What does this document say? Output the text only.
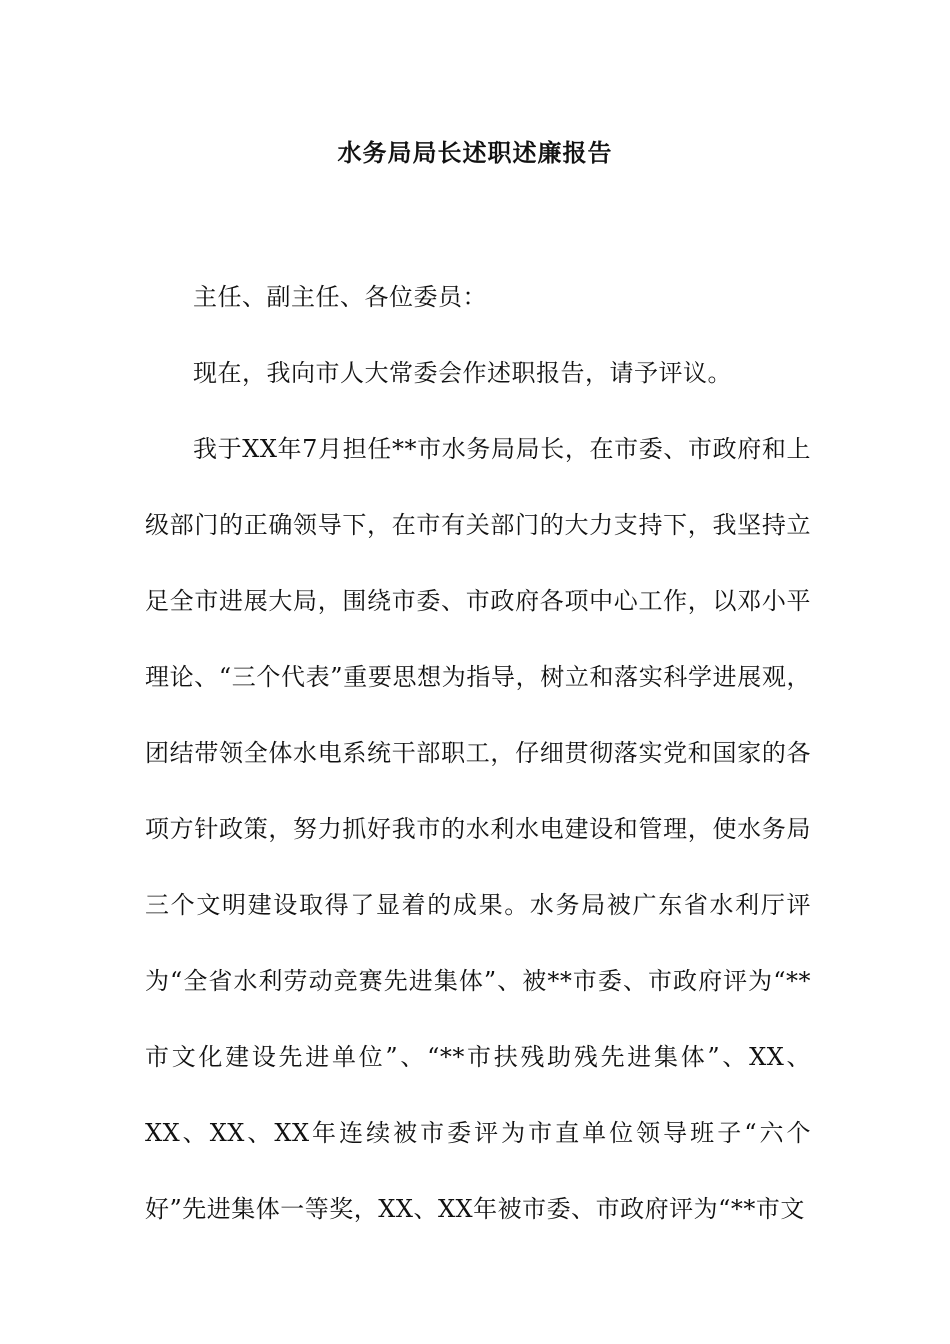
水务局局长述职述廉报告

主任、副主任、各位委员：

现在，我向市人大常委会作述职报告，请予评议。

我于XX年7月担任**市水务局局长，在市委、市政府和上级部门的正确领导下，在市有关部门的大力支持下，我坚持立足全市进展大局，围绕市委、市政府各项中心工作，以邓小平理论、“三个代表”重要思想为指导，树立和落实科学进展观，团结带领全体水电系统干部职工，仔细贯彻落实党和国家的各项方针政策，努力抓好我市的水利水电建设和管理，使水务局三个文明建设取得了显着的成果。水务局被广东省水利厅评为“全省水利劳动竞赛先进集体”、被**市委、市政府评为“**市文化建设先进单位”、“**市扶残助残先进集体”、XX、XX、XX、XX年连续被市委评为市直单位领导班子“六个好”先进集体一等奖，XX、XX年被市委、市政府评为“**市文
